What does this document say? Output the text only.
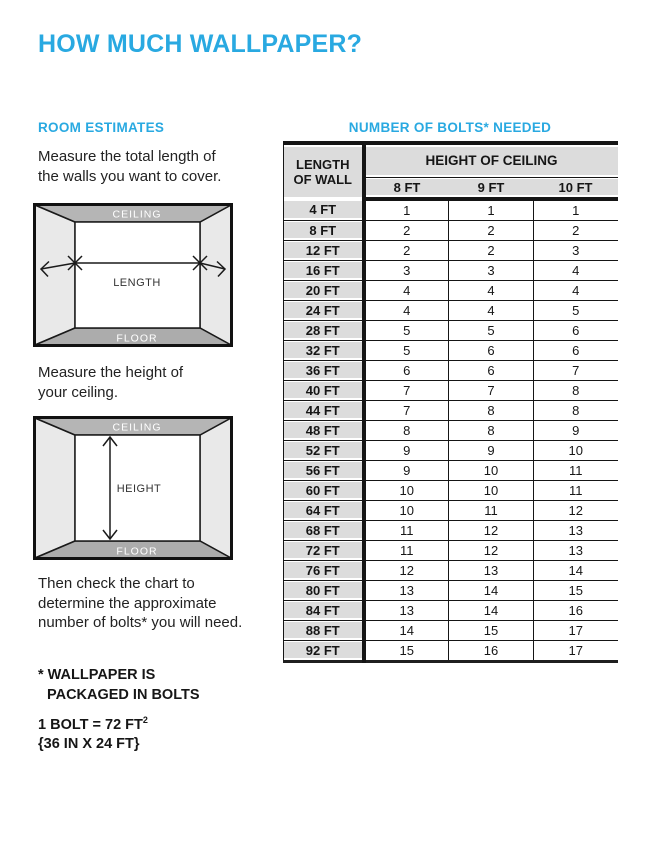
HOW MUCH WALLPAPER?
ROOM ESTIMATES

Measure the total length of
the walls you want to cover.

CEILING
FLOOR
LENGTH

Measure the height of
your ceiling.

CEILING
FLOOR
HEIGHT

Then check the chart to
determine the approximate
number of bolts* you will need.

* WALLPAPER IS
PACKAGED IN BOLTS
1 BOLT = 72 $FT^2$
{36 IN X 24 FT}
NUMBER OF BOLTS* NEEDED
LENGTH
OF WALL	HEIGHT OF CEILING		
	8 FT	9 FT	10 FT
4 FT	1	1	1
8 FT	2	2	2
12 FT	2	2	3
16 FT	3	3	4
20 FT	4	4	4
24 FT	4	4	5
28 FT	5	5	6
32 FT	5	6	6
36 FT	6	6	7
40 FT	7	7	8
44 FT	7	8	8
48 FT	8	8	9
52 FT	9	9	10
56 FT	9	10	11
60 FT	10	10	11
64 FT	10	11	12
68 FT	11	12	13
72 FT	11	12	13
76 FT	12	13	14
80 FT	13	14	15
84 FT	13	14	16
88 FT	14	15	17
92 FT	15	16	17
